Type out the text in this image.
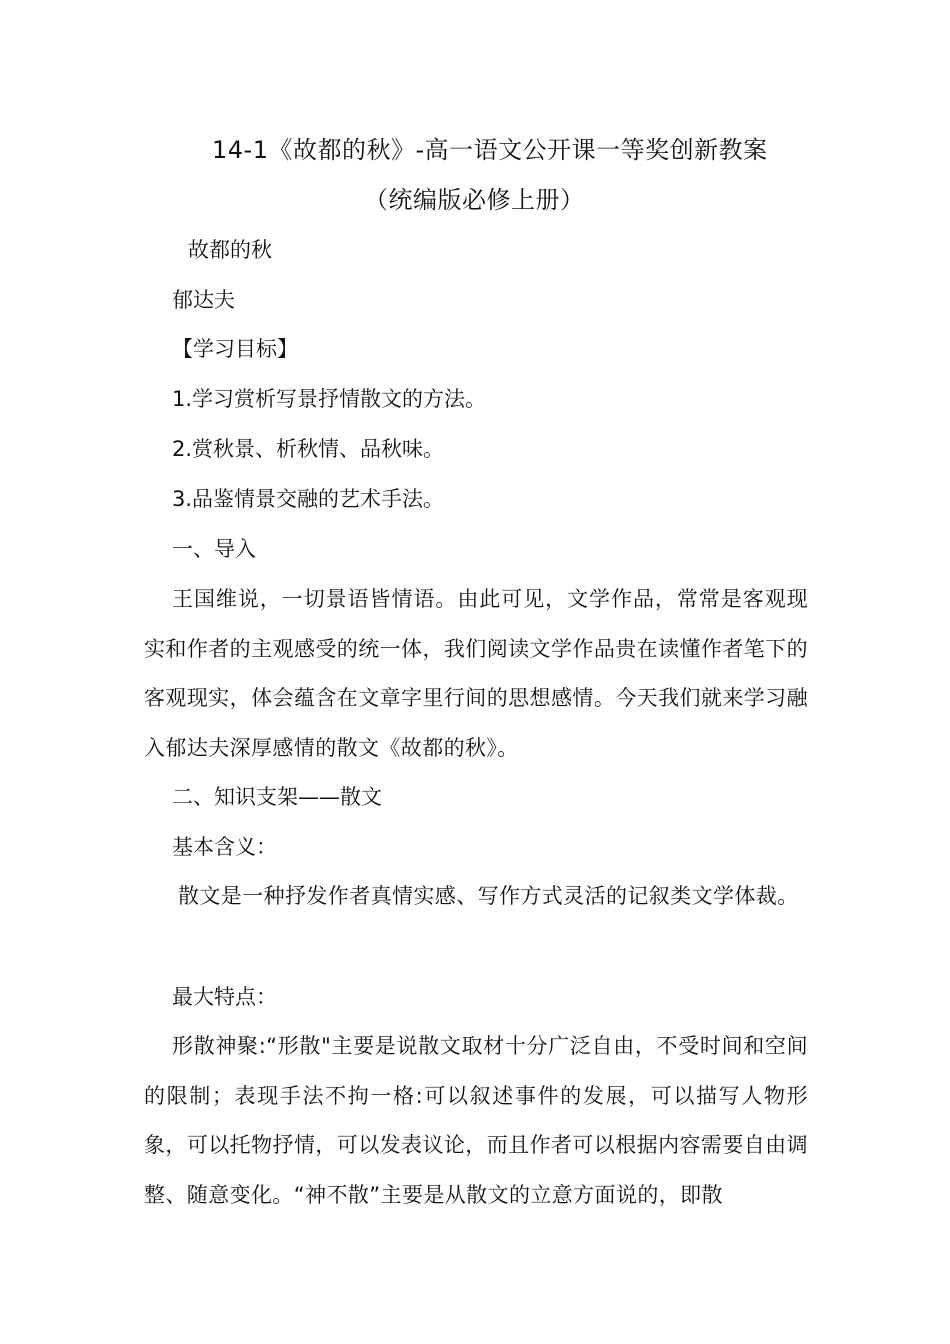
14-1《故都的秋》-高一语文公开课一等奖创新教案
（统编版必修上册）
故都的秋
郁达夫
【学习目标】
1.学习赏析写景抒情散文的方法。
2.赏秋景、析秋情、品秋味。
3.品鉴情景交融的艺术手法。
一、导入
王国维说，一切景语皆情语。由此可见，文学作品，常常是客观现实和作者的主观感受的统一体，我们阅读文学作品贵在读懂作者笔下的客观现实，体会蕴含在文章字里行间的思想感情。今天我们就来学习融入郁达夫深厚感情的散文《故都的秋》。
二、知识支架——散文
基本含义：
散文是一种抒发作者真情实感、写作方式灵活的记叙类文学体裁。
最大特点：
形散神聚:“形散"主要是说散文取材十分广泛自由，不受时间和空间的限制；表现手法不拘一格:可以叙述事件的发展，可以描写人物形象，可以托物抒情，可以发表议论，而且作者可以根据内容需要自由调整、随意变化。“神不散”主要是从散文的立意方面说的，即散
